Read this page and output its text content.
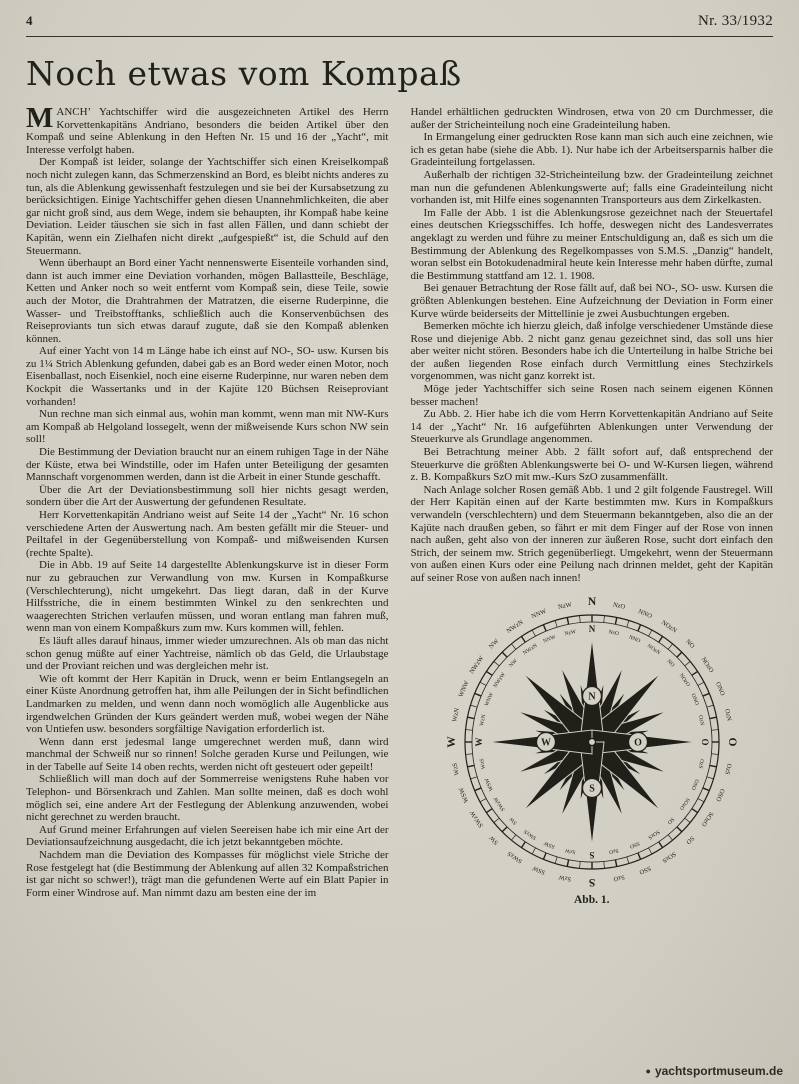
4	Nr. 33/1932
Noch etwas vom Kompaß

MANCH’ Yachtschiffer wird die ausgezeichneten Artikel des Herrn Korvettenkapitäns Andriano, besonders die beiden Artikel über den Kompaß und seine Ablenkung in den Heften Nr. 15 und 16 der „Yacht“, mit Interesse verfolgt haben.

Der Kompaß ist leider, solange der Yachtschiffer sich einen Kreiselkompaß noch nicht zulegen kann, das Schmerzenskind an Bord, es bleibt nichts anderes zu tun, als die Ablenkung gewissenhaft festzulegen und sie bei der Kursabsetzung zu berücksichtigen. Einige Yachtschiffer gehen diesen Unannehmlichkeiten, die aber gar nicht groß sind, aus dem Wege, indem sie behaupten, ihr Kompaß habe keine Deviation. Leider täuschen sie sich in fast allen Fällen, und dann schiebt der Kapitän, wenn ein Zielhafen nicht direkt „aufgespießt“ ist, die Schuld auf den Steuermann.

Wenn überhaupt an Bord einer Yacht nennenswerte Eisenteile vorhanden sind, dann ist auch immer eine Deviation vorhanden, mögen Ballastteile, Beschläge, Ketten und Anker noch so weit entfernt vom Kompaß sein, diese Teile, sowie auch der Motor, die Drahtrahmen der Matratzen, die eiserne Ruderpinne, die Wasser- und Treibstofftanks, schließlich auch die Konservenbüchsen des Reiseproviants tun sich etwas darauf zugute, daß sie den Kompaß ablenken können.

Auf einer Yacht von 14 m Länge habe ich einst auf NO-, SO- usw. Kursen bis zu 1¼ Strich Ablenkung gefunden, dabei gab es an Bord weder einen Motor, noch Eisenballast, noch Eisenkiel, noch eine eiserne Ruderpinne, nur waren neben dem Kockpit die Wassertanks und in der Kajüte 120 Büchsen Reiseproviant vorhanden!

Nun rechne man sich einmal aus, wohin man kommt, wenn man mit NW-Kurs am Kompaß ab Helgoland lossegelt, wenn der mißweisende Kurs schon NW sein soll!

Die Bestimmung der Deviation braucht nur an einem ruhigen Tage in der Nähe der Küste, etwa bei Windstille, oder im Hafen unter Beteiligung der gesamten Mannschaft vorgenommen werden, dann ist die Arbeit in einer Stunde geschafft.

Über die Art der Deviationsbestimmung soll hier nichts gesagt werden, sondern über die Art der Auswertung der gefundenen Resultate.

Herr Korvettenkapitän Andriano weist auf Seite 14 der „Yacht“ Nr. 16 schon verschiedene Arten der Auswertung nach. Am besten gefällt mir die Steuer- und Peiltafel in der Gegenüberstellung von Kompaß- und mißweisenden Kursen (rechte Spalte).

Die in Abb. 19 auf Seite 14 dargestellte Ablenkungskurve ist in dieser Form nur zu gebrauchen zur Verwandlung von mw. Kursen in Kompaßkurse (Verschlechterung), nicht umgekehrt. Das liegt daran, daß in der Kurve Hilfsstriche, die in einem bestimmten Winkel zu den senkrechten und waagerechten Strichen verlaufen müssen, und woran entlang man fahren muß, wenn man von einem Kompaßkurs zum mw. Kurs kommen will, fehlen.

Es läuft alles darauf hinaus, immer wieder umzurechnen. Als ob man das nicht schon genug müßte auf einer Yachtreise, nämlich ob das Geld, die Urlaubstage und der Proviant reichen und was dergleichen mehr ist.

Wie oft kommt der Herr Kapitän in Druck, wenn er beim Entlangsegeln an einer Küste Anordnung getroffen hat, ihm alle Peilungen der in Sicht befindlichen Landmarken zu melden, und wenn dann noch womöglich alle Augenblicke aus irgendwelchen Gründen der Kurs geändert werden muß, wobei wegen der Nähe von Untiefen usw. besonders sorgfältige Navigation erforderlich ist.

Wenn dann erst jedesmal lange umgerechnet werden muß, dann wird manchmal der Schweiß nur so rinnen! Solche geraden Kurse und Peilungen, wie in der Tabelle auf Seite 14 oben rechts, werden nicht oft gesteuert oder gepeilt!

Schließlich will man doch auf der Sommerreise wenigstens Ruhe haben vor Telephon- und Börsenkrach und Zahlen. Man sollte meinen, daß es doch wohl möglich sei, eine andere Art der Festlegung der Ablenkung anzuwenden, wobei nicht gerechnet zu werden braucht.

Auf Grund meiner Erfahrungen auf vielen Seereisen habe ich mir eine Art der Deviationsaufzeichnung ausgedacht, die ich jetzt bekanntgeben möchte.

Nachdem man die Deviation des Kompasses für möglichst viele Striche der Rose festgelegt hat (die Bestimmung der Ablenkung auf allen 32 Kompaßstrichen ist gar nicht so schwer!), trägt man die gefundenen Werte auf ein Blatt Papier in Form einer Windrose auf. Man nimmt dazu am besten eine der im

Handel erhältlichen gedruckten Windrosen, etwa von 20 cm Durchmesser, die außer der Stricheinteilung noch eine Gradeinteilung haben.

In Ermangelung einer gedruckten Rose kann man sich auch eine zeichnen, wie ich es getan habe (siehe die Abb. 1). Nur habe ich der Arbeitsersparnis halber die Gradeinteilung fortgelassen.

Außerhalb der richtigen 32-Stricheinteilung bzw. der Gradeinteilung zeichnet man nun die gefundenen Ablenkungswerte auf; falls eine Gradeinteilung nicht vorhanden ist, mit Hilfe eines sogenannten Transporteurs aus dem Zirkelkasten.

Im Falle der Abb. 1 ist die Ablenkungsrose gezeichnet nach der Steuertafel eines deutschen Kriegsschiffes. Ich hoffe, deswegen nicht des Landesverrates angeklagt zu werden und führe zu meiner Entschuldigung an, daß es sich um die Bestimmung der Ablenkung des Regelkompasses von S.M.S. „Danzig“ handelt, woran selbst ein Botokudenadmiral heute kein Interesse mehr haben dürfte, zumal die Bestimmung stattfand am 12. 1. 1908.

Bei genauer Betrachtung der Rose fällt auf, daß bei NO-, SO- usw. Kursen die größten Ablenkungen bestehen. Eine Aufzeichnung der Deviation in Form einer Kurve würde beiderseits der Mittellinie je zwei Ausbuchtungen ergeben.

Bemerken möchte ich hierzu gleich, daß infolge verschiedener Umstände diese Rose und diejenige Abb. 2 nicht ganz genau gezeichnet sind, das soll uns hier aber weiter nicht stören. Besonders habe ich die Unterteilung in halbe Striche bei der außen liegenden Rose einfach durch Vermittlung eines Stechzirkels vorgenommen, was nicht ganz korrekt ist.

Möge jeder Yachtschiffer sich seine Rosen nach seinem eigenen Können besser machen!

Zu Abb. 2. Hier habe ich die vom Herrn Korvettenkapitän Andriano auf Seite 14 der „Yacht“ Nr. 16 aufgeführten Ablenkungen unter Verwendung der Steuerkurve als Grundlage angenommen.

Bei Betrachtung meiner Abb. 2 fällt sofort auf, daß entsprechend der Steuerkurve die größten Ablenkungswerte bei O- und W-Kursen liegen, während z. B. Kompaßkurs SzO mit mw.-Kurs SzO zusammenfällt.

Nach Anlage solcher Rosen gemäß Abb. 1 und 2 gilt folgende Faustregel. Will der Herr Kapitän einen auf der Karte bestimmten mw. Kurs in Kompaßkurs verwandeln (verschlechtern) und dem Steuermann bekanntgeben, also die an der Kajüte nach draußen geben, so fährt er mit dem Finger auf der Rose von innen nach außen, geht also von der inneren zur äußeren Rose, sucht dort einfach den Strich, der seinem mw. Strich gegenüberliegt. Umgekehrt, wenn der Steuermann von außen einen Kurs oder eine Peilung nach drinnen meldet, geht der Kapitän auf seiner Rose von außen nach innen!

N NzO
NNO
NOzN
NO
NOzO
ONO
OzN
O
OzS
OSO
SOzO
SO
SOzS
SSO
SzO
S
SzW
SSW
SWzS
SW
SWzW
WSW
WzS
W
WzN
WNW
NWzW
NW
NWzN
NNW
NzW
N NzO
NNO
NOzN
NO
NOzO
ONO
OzN
O
OzS
OSO
SOzO
SO
SOzS
SSO
SzO
S
SzW
SSW
SWzS
SW
SWzW
WSW
WzS
W
WzN
WNW
NWzW
NW
NWzN
NNW
NzW
N
O
S
W
Abb. 1.
● yachtsportmuseum.de
